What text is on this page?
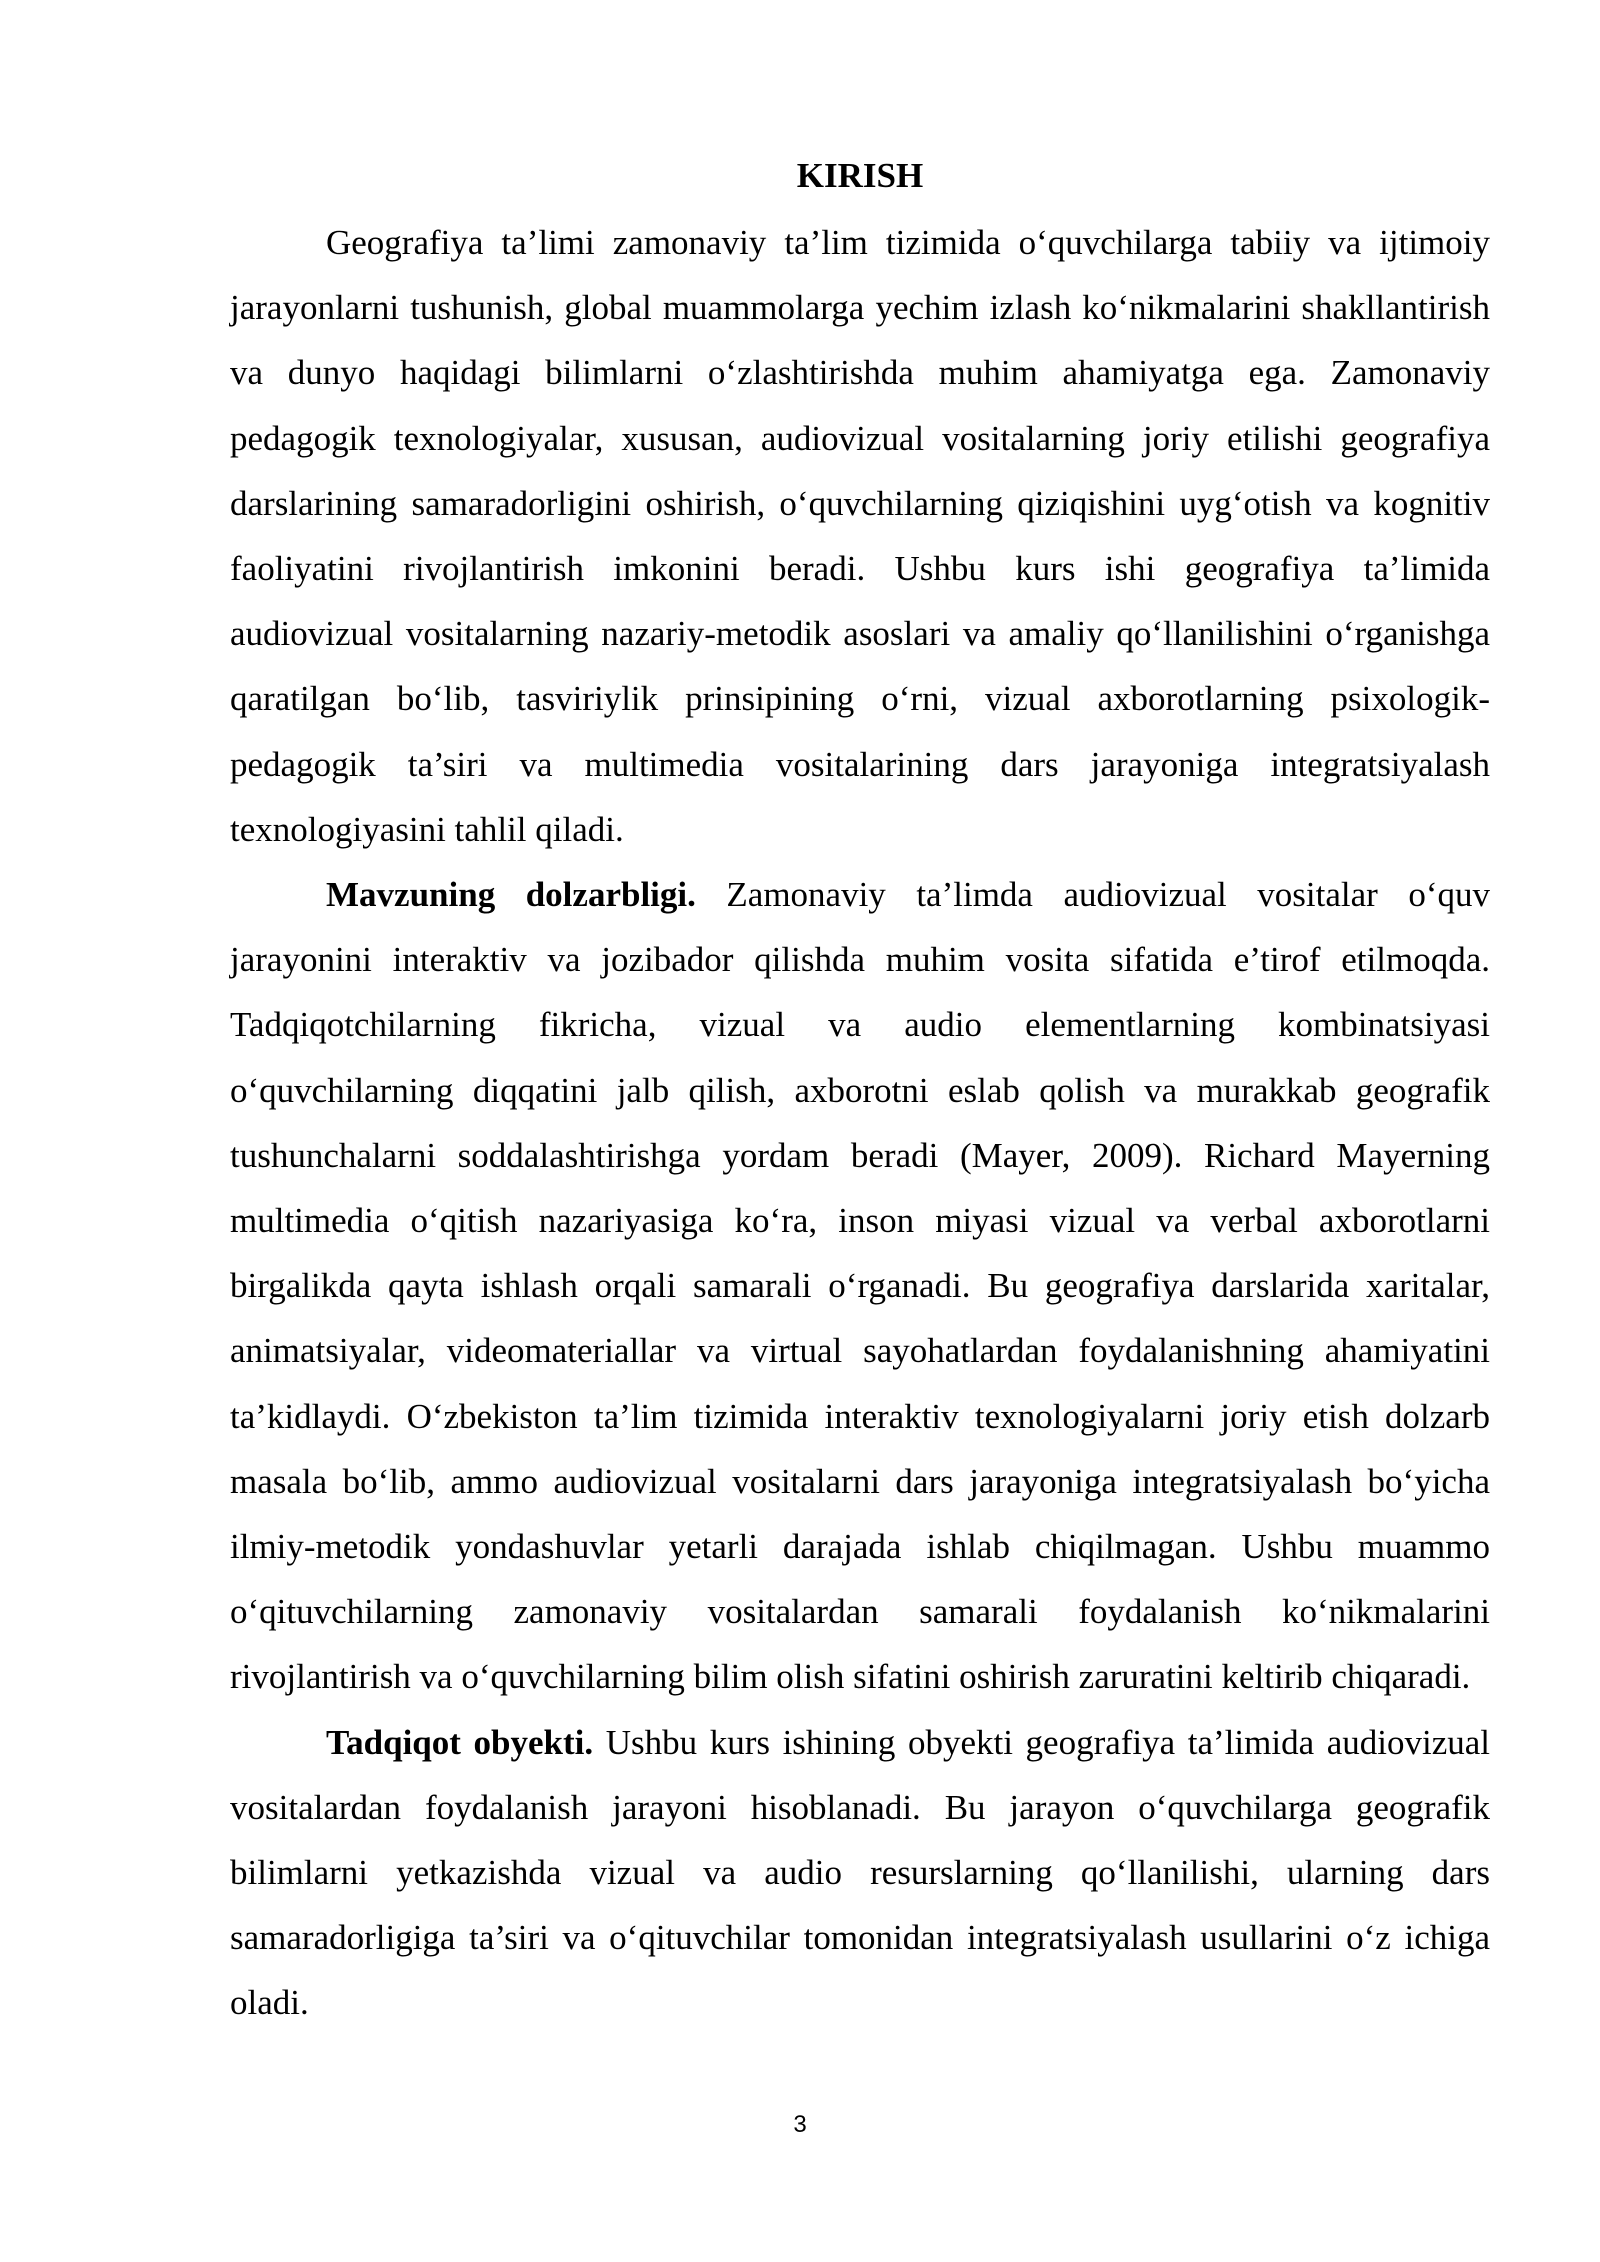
KIRISH

Geografiya ta’limi zamonaviy ta’lim tizimida o‘quvchilarga tabiiy va ijtimoiy jarayonlarni tushunish, global muammolarga yechim izlash ko‘nikmalarini shakllantirish va dunyo haqidagi bilimlarni o‘zlashtirishda muhim ahamiyatga ega. Zamonaviy pedagogik texnologiyalar, xususan, audiovizual vositalarning joriy etilishi geografiya darslarining samaradorligini oshirish, o‘quvchilarning qiziqishini uyg‘otish va kognitiv faoliyatini rivojlantirish imkonini beradi. Ushbu kurs ishi geografiya ta’limida audiovizual vositalarning nazariy-metodik asoslari va amaliy qo‘llanilishini o‘rganishga qaratilgan bo‘lib, tasviriylik prinsipining o‘rni, vizual axborotlarning psixologik-pedagogik ta’siri va multimedia vositalarining dars jarayoniga integratsiyalash texnologiyasini tahlil qiladi.

Mavzuning dolzarbligi. Zamonaviy ta’limda audiovizual vositalar o‘quv jarayonini interaktiv va jozibador qilishda muhim vosita sifatida e’tirof etilmoqda. Tadqiqotchilarning fikricha, vizual va audio elementlarning kombinatsiyasi o‘quvchilarning diqqatini jalb qilish, axborotni eslab qolish va murakkab geografik tushunchalarni soddalashtirishga yordam beradi (Mayer, 2009). Richard Mayerning multimedia o‘qitish nazariyasiga ko‘ra, inson miyasi vizual va verbal axborotlarni birgalikda qayta ishlash orqali samarali o‘rganadi. Bu geografiya darslarida xaritalar, animatsiyalar, videomateriallar va virtual sayohatlardan foydalanishning ahamiyatini ta’kidlaydi. O‘zbekiston ta’lim tizimida interaktiv texnologiyalarni joriy etish dolzarb masala bo‘lib, ammo audiovizual vositalarni dars jarayoniga integratsiyalash bo‘yicha ilmiy-metodik yondashuvlar yetarli darajada ishlab chiqilmagan. Ushbu muammo o‘qituvchilarning zamonaviy vositalardan samarali foydalanish ko‘nikmalarini rivojlantirish va o‘quvchilarning bilim olish sifatini oshirish zaruratini keltirib chiqaradi.

Tadqiqot obyekti. Ushbu kurs ishining obyekti geografiya ta’limida audiovizual vositalardan foydalanish jarayoni hisoblanadi. Bu jarayon o‘quvchilarga geografik bilimlarni yetkazishda vizual va audio resurslarning qo‘llanilishi, ularning dars samaradorligiga ta’siri va o‘qituvchilar tomonidan integratsiyalash usullarini o‘z ichiga oladi.

3
